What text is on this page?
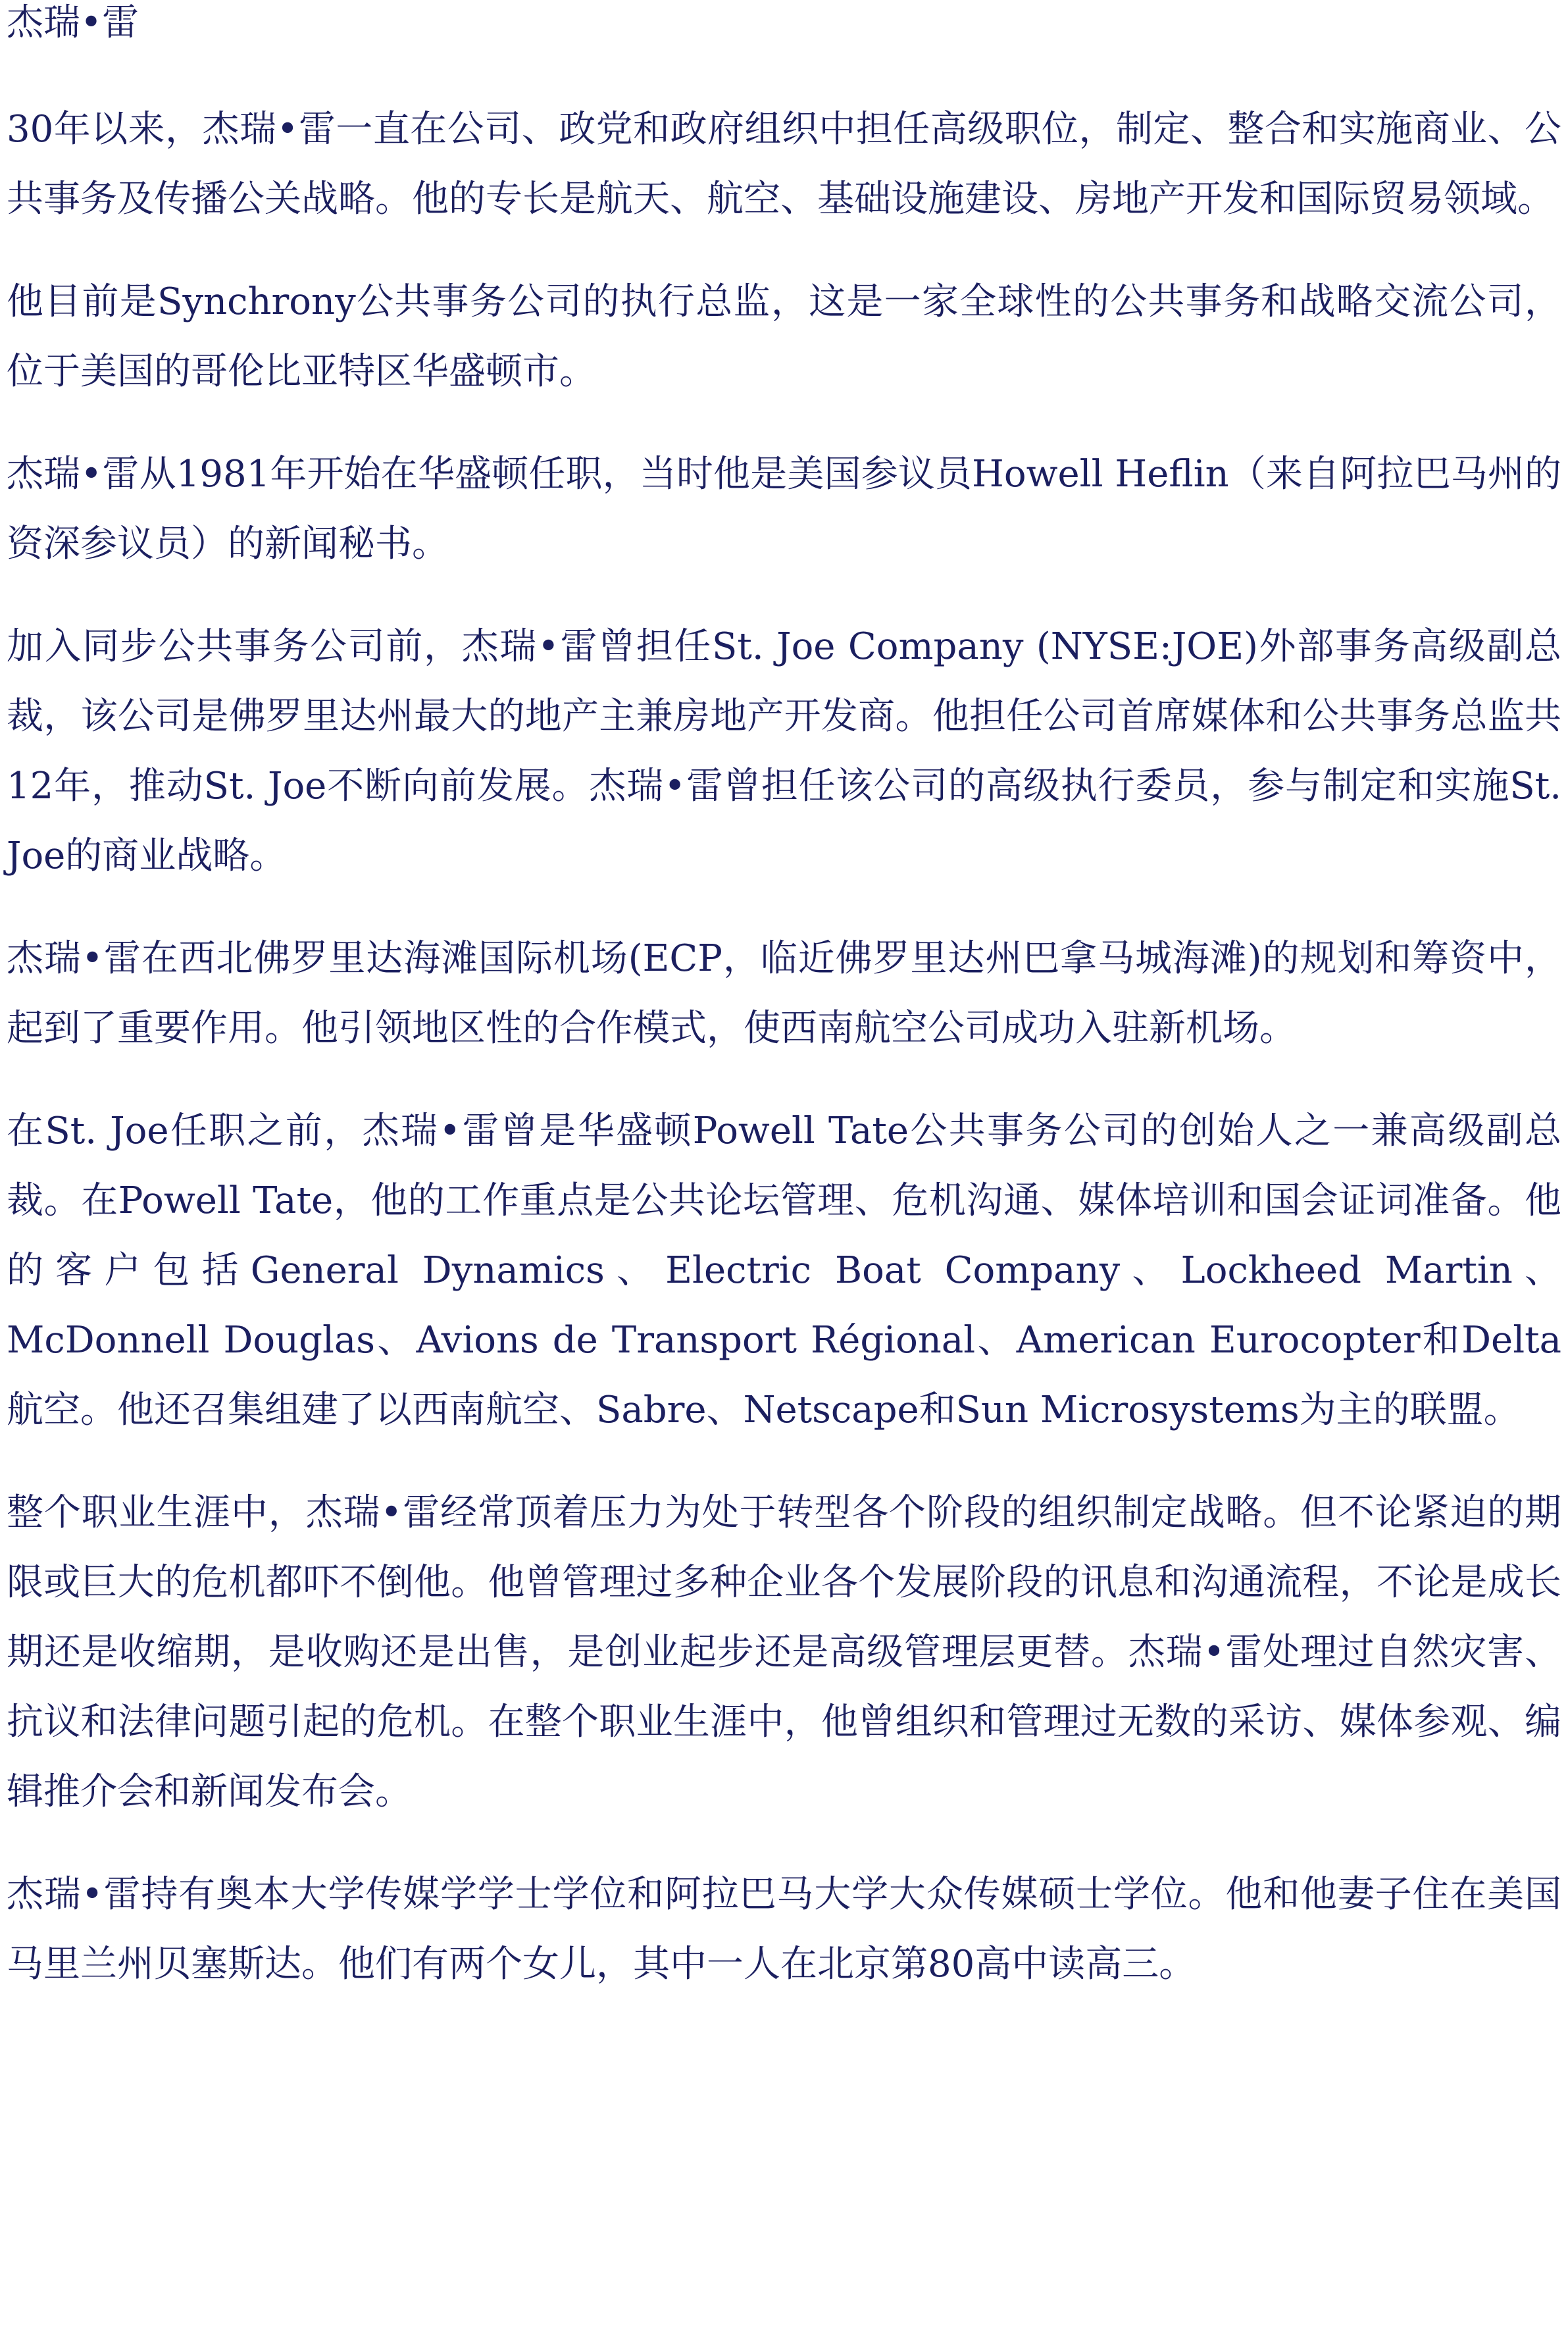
杰瑞•雷

30年以来，杰瑞•雷一直在公司、政党和政府组织中担任高级职位，制定、整合和实施商业、公共事务及传播公关战略。他的专长是航天、航空、基础设施建设、房地产开发和国际贸易领域。

他目前是Synchrony公共事务公司的执行总监，这是一家全球性的公共事务和战略交流公司，位于美国的哥伦比亚特区华盛顿市。

杰瑞•雷从1981年开始在华盛顿任职，当时他是美国参议员Howell Heflin（来自阿拉巴马州的资深参议员）的新闻秘书。

加入同步公共事务公司前，杰瑞•雷曾担任St. Joe Company (NYSE:JOE)外部事务高级副总裁，该公司是佛罗里达州最大的地产主兼房地产开发商。他担任公司首席媒体和公共事务总监共12年，推动St. Joe不断向前发展。杰瑞•雷曾担任该公司的高级执行委员，参与制定和实施St. Joe的商业战略。

杰瑞•雷在西北佛罗里达海滩国际机场(ECP，临近佛罗里达州巴拿马城海滩)的规划和筹资中，起到了重要作用。他引领地区性的合作模式，使西南航空公司成功入驻新机场。

在St. Joe任职之前，杰瑞•雷曾是华盛顿Powell Tate公共事务公司的创始人之一兼高级副总裁。在Powell Tate，他的工作重点是公共论坛管理、危机沟通、媒体培训和国会证词准备。他的客户包括General Dynamics、Electric Boat Company、Lockheed Martin、McDonnell Douglas、Avions de Transport Régional、American Eurocopter和Delta 航空。他还召集组建了以西南航空、Sabre、Netscape和Sun Microsystems为主的联盟。

整个职业生涯中，杰瑞•雷经常顶着压力为处于转型各个阶段的组织制定战略。但不论紧迫的期限或巨大的危机都吓不倒他。他曾管理过多种企业各个发展阶段的讯息和沟通流程，不论是成长期还是收缩期，是收购还是出售，是创业起步还是高级管理层更替。杰瑞•雷处理过自然灾害、抗议和法律问题引起的危机。在整个职业生涯中，他曾组织和管理过无数的采访、媒体参观、编辑推介会和新闻发布会。

杰瑞•雷持有奥本大学传媒学学士学位和阿拉巴马大学大众传媒硕士学位。他和他妻子住在美国马里兰州贝塞斯达。他们有两个女儿，其中一人在北京第80高中读高三。
